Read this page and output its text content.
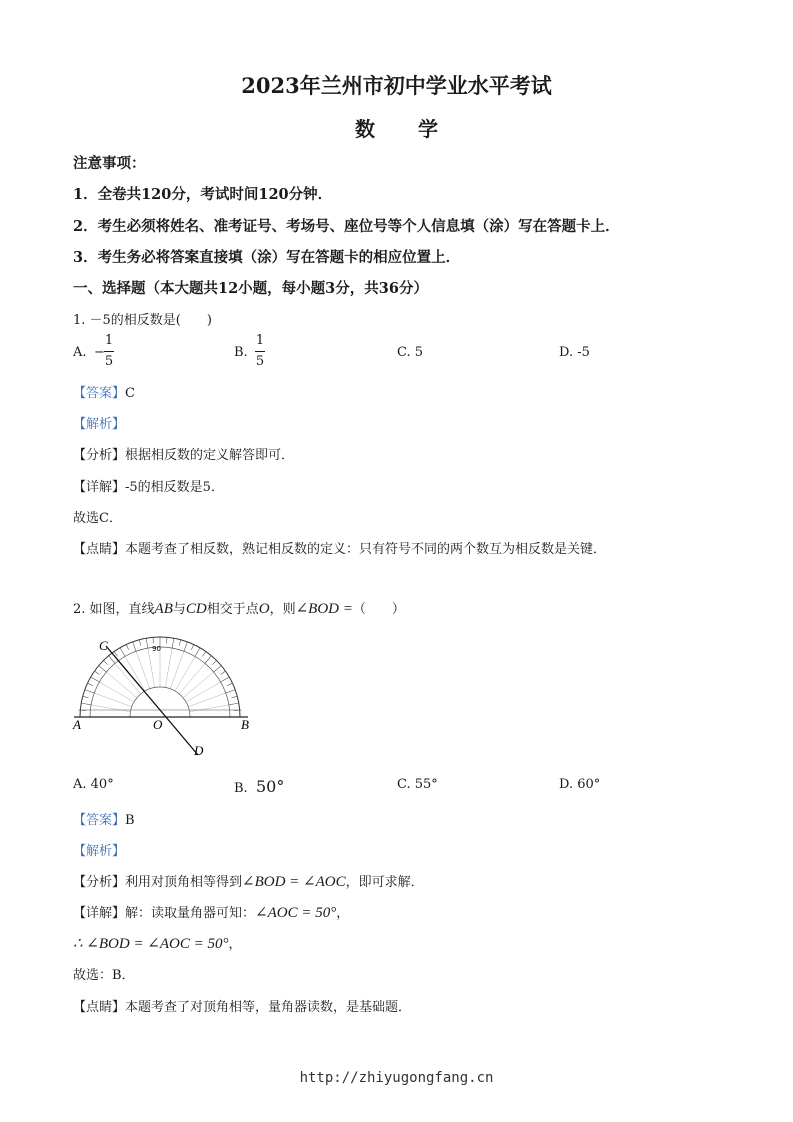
2023年兰州市初中学业水平考试
数 学
注意事项：
1．全卷共120分，考试时间120分钟．
2．考生必须将姓名、准考证号、考场号、座位号等个人信息填（涂）写在答题卡上．
3．考生务必将答案直接填（涂）写在答题卡的相应位置上．
一、选择题（本大题共12小题，每小题3分，共36分）
1. －5的相反数是(　　)
A. −
1
5
B.
1
5
C. 5	D. -5
【答案】C
【解析】
【分析】根据相反数的定义解答即可．
【详解】-5的相反数是5．
故选C．
【点睛】本题考查了相反数，熟记相反数的定义：只有符号不同的两个数互为相反数是关键．
2. 如图，直线AB与CD相交于点O，则∠BOD =（　　）
90
A	B
C
D
O
A. 40°	B. 50°	C. 55°	D. 60°
【答案】B
【解析】
【分析】利用对顶角相等得到∠BOD = ∠AOC，即可求解．
【详解】解：读取量角器可知：∠AOC = 50°，
∴ ∠BOD = ∠AOC = 50°，
故选：B．
【点睛】本题考查了对顶角相等，量角器读数，是基础题．
http://zhiyugongfang.cn
